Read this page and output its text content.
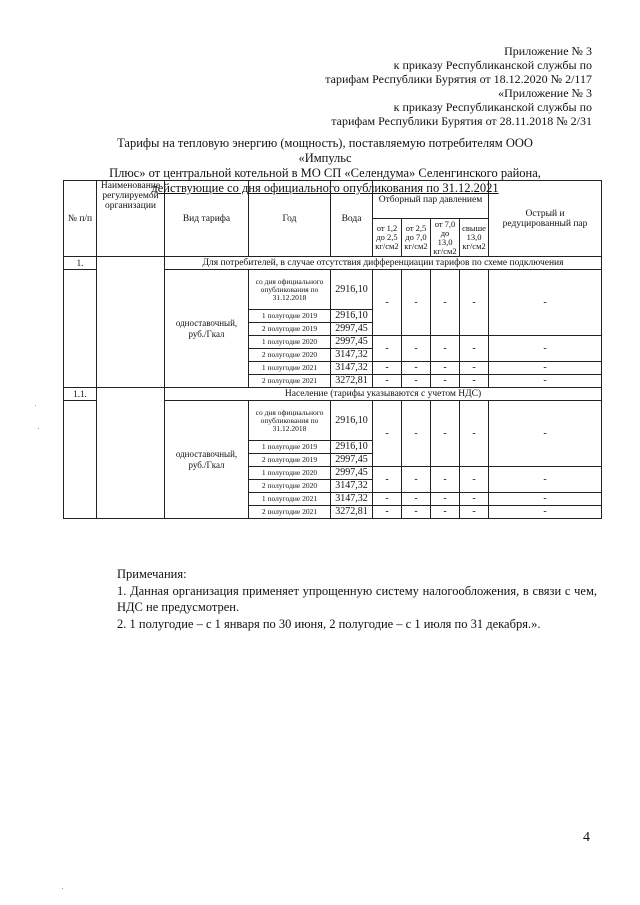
Приложение № 3
к приказу Республиканской службы по
тарифам Республики Бурятия от 18.12.2020 № 2/117
«Приложение № 3
к приказу Республиканской службы по
тарифам Республики Бурятия от 28.11.2018 № 2/31
Тарифы на тепловую энергию (мощность), поставляемую потребителям ООО «Импульс
Плюс» от центральной котельной в МО СП «Селендума» Селенгинского района,
действующие со дня официального опубликования по 31.12.2021
№ п/п	Наименование регулируемой организации	Вид тарифа	Год	Вода	Отборный пар давлением				Острый и редуцированный пар
					от 1,2 до 2,5 кг/см2	от 2,5 до 7,0 кг/см2	от 7,0 до 13,0 кг/см2	свыше 13,0 кг/см2	
1.		Для потребителей, в случае отсутствия дифференциации тарифов по схеме подключения							
		одноставочный, руб./Гкал	со дня официального опубликования по 31.12.2018	2916,10	-	-	-	-	-
			1 полугодие 2019	2916,10					
			2 полугодие 2019	2997,45					
			1 полугодие 2020	2997,45	-	-	-	-	-
			2 полугодие 2020	3147,32					
			1 полугодие 2021	3147,32	-	-	-	-	-
			2 полугодие 2021	3272,81	-	-	-	-	-
1.1.		Население (тарифы указываются с учетом НДС)							
		одноставочный, руб./Гкал	со дня официального опубликования по 31.12.2018	2916,10	-	-	-	-	-
			1 полугодие 2019	2916,10					
			2 полугодие 2019	2997,45					
			1 полугодие 2020	2997,45	-	-	-	-	-
			2 полугодие 2020	3147,32					
			1 полугодие 2021	3147,32	-	-	-	-	-
			2 полугодие 2021	3272,81	-	-	-	-	-

Примечания:

1. Данная организация применяет упрощенную систему налогообложения, в связи с чем, НДС не предусмотрен.

2. 1 полугодие – с 1 января по 30 июня, 2 полугодие – с 1 июля по 31 декабря.».

4
